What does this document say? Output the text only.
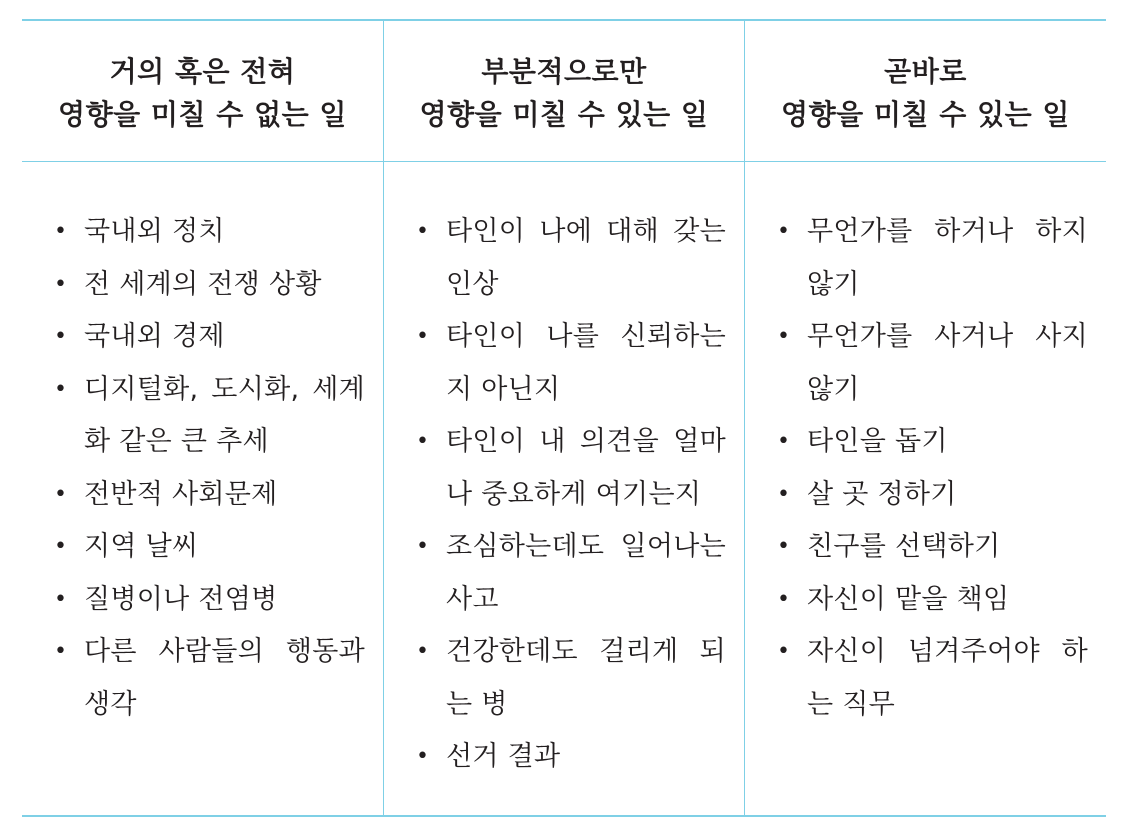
거의 혹은 전혀
영향을 미칠 수 없는 일
• 국내외 정치
• 전 세계의 전쟁 상황
• 국내외 경제
• 디지털화, 도시화, 세계화 같은 큰 추세
• 전반적 사회문제
• 지역 날씨
• 질병이나 전염병
• 다른 사람들의 행동과 생각
부분적으로만
영향을 미칠 수 있는 일
• 타인이 나에 대해 갖는 인상
• 타인이 나를 신뢰하는지 아닌지
• 타인이 내 의견을 얼마나 중요하게 여기는지
• 조심하는데도 일어나는 사고
• 건강한데도 걸리게 되는 병
• 선거 결과
곧바로
영향을 미칠 수 있는 일
• 무언가를 하거나 하지 않기
• 무언가를 사거나 사지 않기
• 타인을 돕기
• 살 곳 정하기
• 친구를 선택하기
• 자신이 맡을 책임
• 자신이 넘겨주어야 하는 직무
